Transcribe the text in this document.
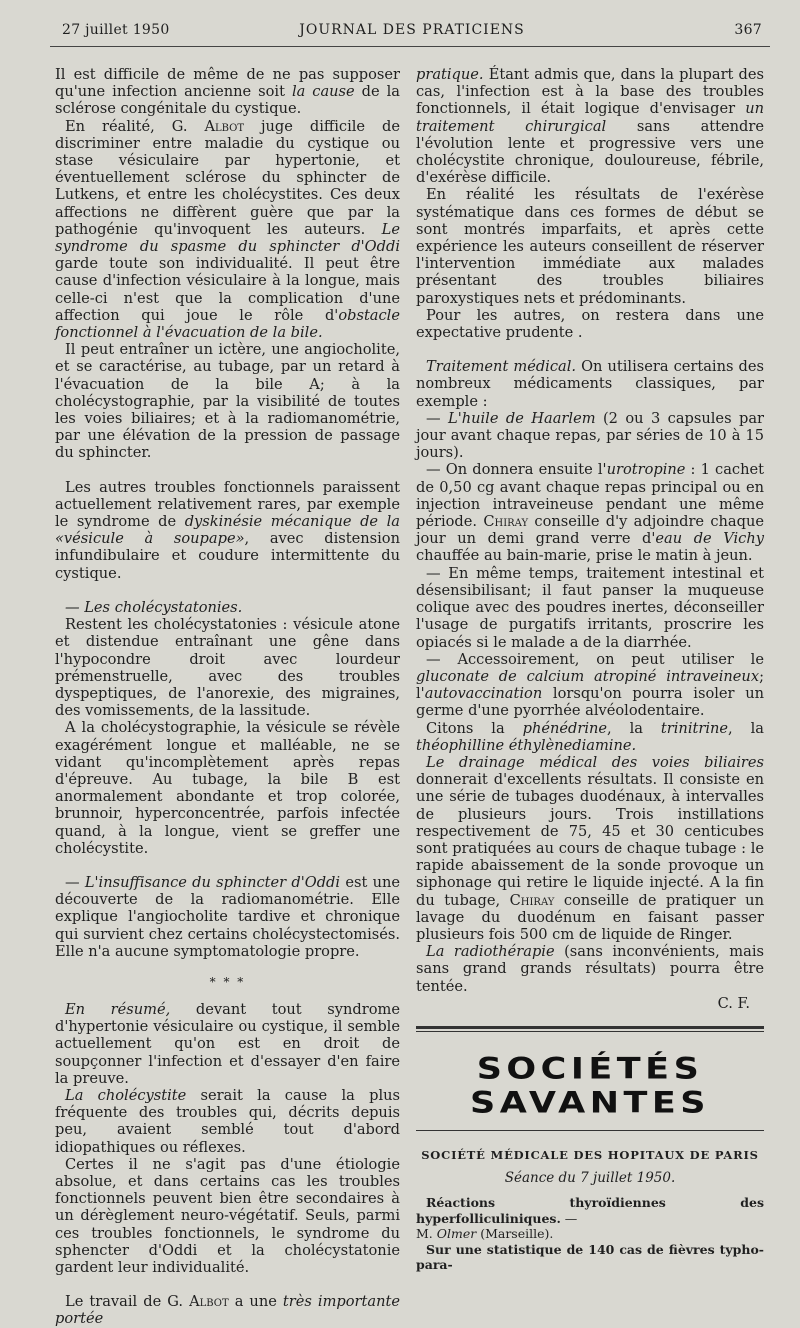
27 juillet 1950	JOURNAL DES PRATICIENS	367

Il est difficile de même de ne pas supposer qu'une infection ancienne soit la cause de la sclérose congénitale du cystique.

En réalité, G. Albot juge difficile de discriminer entre maladie du cystique ou stase vésiculaire par hypertonie, et éventuellement sclérose du sphincter de Lutkens, et entre les cholécystites. Ces deux affections ne diffèrent guère que par la pathogénie qu'invoquent les auteurs. Le syndrome du spasme du sphincter d'Oddi garde toute son individualité. Il peut être cause d'infection vésiculaire à la longue, mais celle-ci n'est que la complication d'une affection qui joue le rôle d'obstacle fonctionnel à l'évacuation de la bile.

Il peut entraîner un ictère, une angiocholite, et se caractérise, au tubage, par un retard à l'évacuation de la bile A; à la cholécystographie, par la visibilité de toutes les voies biliaires; et à la radiomanométrie, par une élévation de la pression de passage du sphincter.

Les autres troubles fonctionnels paraissent actuellement relativement rares, par exemple le syndrome de dyskinésie mécanique de la «vésicule à soupape», avec distension infundibulaire et coudure intermittente du cystique.

— Les cholécystatonies.

Restent les cholécystatonies : vésicule atone et distendue entraînant une gêne dans l'hypocondre droit avec lourdeur prémenstruelle, avec des troubles dyspeptiques, de l'anorexie, des migraines, des vomissements, de la lassitude.

A la cholécystographie, la vésicule se révèle exagérément longue et malléable, ne se vidant qu'incomplètement après repas d'épreuve. Au tubage, la bile B est anormalement abondante et trop colorée, brunnoir, hyperconcentrée, parfois infectée quand, à la longue, vient se greffer une cholécystite.

— L'insuffisance du sphincter d'Oddi est une découverte de la radiomanométrie. Elle explique l'angiocholite tardive et chronique qui survient chez certains cholécystectomisés. Elle n'a aucune symptomatologie propre.

* * *

En résumé, devant tout syndrome d'hypertonie vésiculaire ou cystique, il semble actuellement qu'on est en droit de soupçonner l'infection et d'essayer d'en faire la preuve.

La cholécystite serait la cause la plus fréquente des troubles qui, décrits depuis peu, avaient semblé tout d'abord idiopathiques ou réflexes.

Certes il ne s'agit pas d'une étiologie absolue, et dans certains cas les troubles fonctionnels peuvent bien être secondaires à un dérèglement neuro-végétatif. Seuls, parmi ces troubles fonctionnels, le syndrome du sphencter d'Oddi et la cholécystatonie gardent leur individualité.

Le travail de G. Albot a une très importante portée

pratique. Étant admis que, dans la plupart des cas, l'infection est à la base des troubles fonctionnels, il était logique d'envisager un traitement chirurgical sans attendre l'évolution lente et progressive vers une cholécystite chronique, douloureuse, fébrile, d'exérèse difficile.

En réalité les résultats de l'exérèse systématique dans ces formes de début se sont montrés imparfaits, et après cette expérience les auteurs conseillent de réserver l'intervention immédiate aux malades présentant des troubles biliaires paroxystiques nets et prédominants.

Pour les autres, on restera dans une expectative prudente .

Traitement médical. On utilisera certains des nombreux médicaments classiques, par exemple :

— L'huile de Haarlem (2 ou 3 capsules par jour avant chaque repas, par séries de 10 à 15 jours).

— On donnera ensuite l'urotropine : 1 cachet de 0,50 cg avant chaque repas principal ou en injection intraveineuse pendant une même période. Chiray conseille d'y adjoindre chaque jour un demi grand verre d'eau de Vichy chauffée au bain-marie, prise le matin à jeun.

— En même temps, traitement intestinal et désensibilisant; il faut panser la muqueuse colique avec des poudres inertes, déconseiller l'usage de purgatifs irritants, proscrire les opiacés si le malade a de la diarrhée.

— Accessoirement, on peut utiliser le gluconate de calcium atropiné intraveineux; l'autovaccination lorsqu'on pourra isoler un germe d'une pyorrhée alvéolodentaire.

Citons la phénédrine, la trinitrine, la théophilline éthylènediamine.

Le drainage médical des voies biliaires donnerait d'excellents résultats. Il consiste en une série de tubages duodénaux, à intervalles de plusieurs jours. Trois instillations respectivement de 75, 45 et 30 centicubes sont pratiquées au cours de chaque tubage : le rapide abaissement de la sonde provoque un siphonage qui retire le liquide injecté. A la fin du tubage, Chiray conseille de pratiquer un lavage du duodénum en faisant passer plusieurs fois 500 cm de liquide de Ringer.

La radiothérapie (sans inconvénients, mais sans grand grands résultats) pourra être tentée.

C. F.

SOCIÉTÉS SAVANTES
SOCIÉTÉ MÉDICALE DES HOPITAUX DE PARIS
Séance du 7 juillet 1950.

Réactions thyroïdiennes des hyperfolliculiniques. —

M. Olmer (Marseille).

Sur une statistique de 140 cas de fièvres typho-para-
